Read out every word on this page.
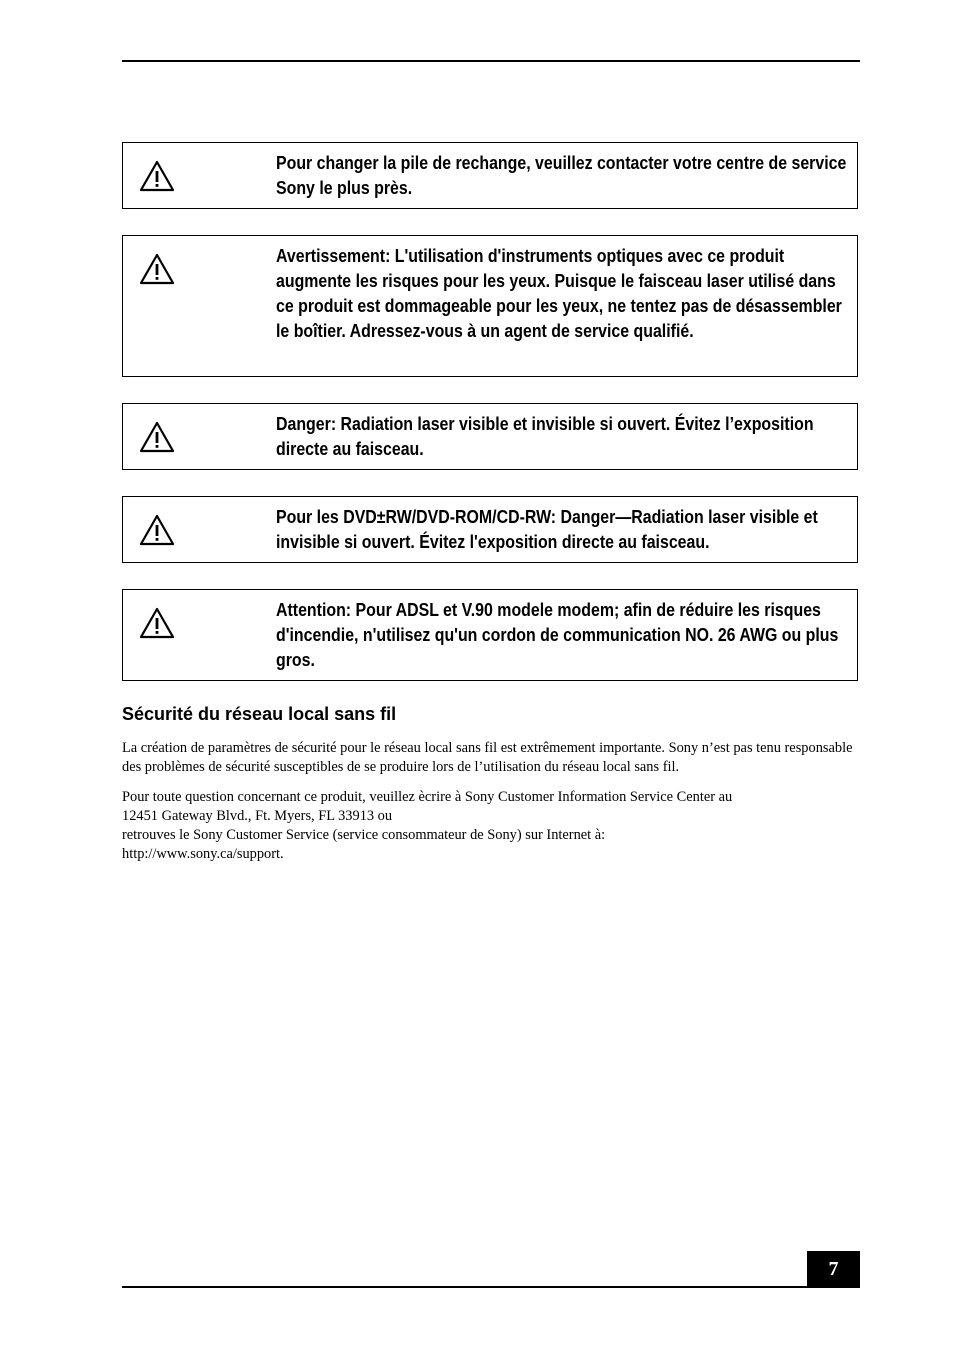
Pour changer la pile de rechange, veuillez contacter votre centre de service Sony le plus près.
Avertissement: L'utilisation d'instruments optiques avec ce produit augmente les risques pour les yeux. Puisque le faisceau laser utilisé dans ce produit est dommageable pour les yeux, ne tentez pas de désassembler le boîtier. Adressez-vous à un agent de service qualifié.
Danger: Radiation laser visible et invisible si ouvert. Évitez l’exposition directe au faisceau.
Pour les DVD±RW/DVD-ROM/CD-RW: Danger—Radiation laser visible et invisible si ouvert. Évitez l'exposition directe au faisceau.
Attention: Pour ADSL et V.90 modele modem; afin de réduire les risques d'incendie, n'utilisez qu'un cordon de communication NO. 26 AWG ou plus gros.
Sécurité du réseau local sans fil

La création de paramètres de sécurité pour le réseau local sans fil est extrêmement importante. Sony n’est pas tenu responsable des problèmes de sécurité susceptibles de se produire lors de l’utilisation du réseau local sans fil.

Pour toute question concernant ce produit, veuillez ècrire à Sony Customer Information Service Center au
12451 Gateway Blvd., Ft. Myers, FL 33913 ou
retrouves le Sony Customer Service (service consommateur de Sony) sur Internet à:
http://www.sony.ca/support.

7
